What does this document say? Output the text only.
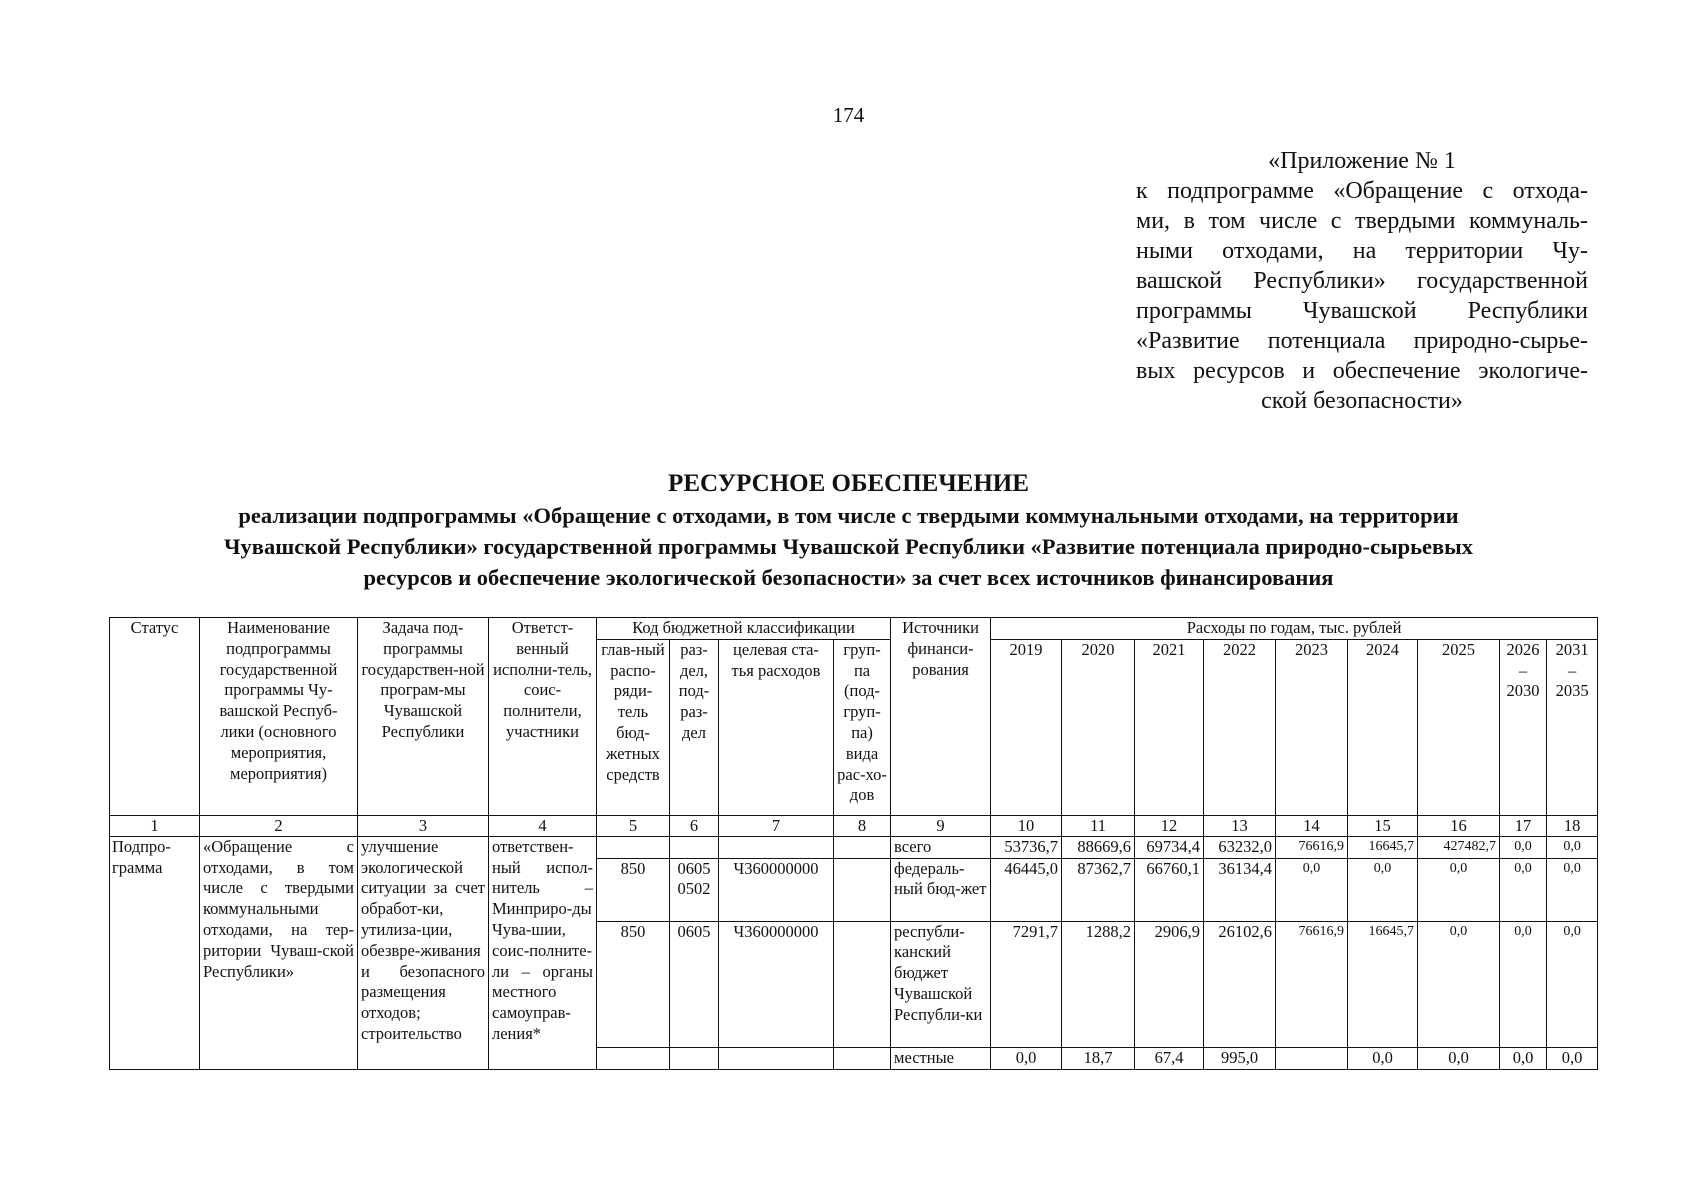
174
«Приложение № 1
к подпрограмме «Обращение с отхода-
ми, в том числе с твердыми коммуналь-
ными отходами, на территории Чу-
вашской Республики» государственной
программы Чувашской Республики
«Развитие потенциала природно-сырье-
вых ресурсов и обеспечение экологиче-
ской безопасности»
РЕСУРСНОЕ ОБЕСПЕЧЕНИЕ
реализации подпрограммы «Обращение с отходами, в том числе с твердыми коммунальными отходами, на территории
Чувашской Республики» государственной программы Чувашской Республики «Развитие потенциала природно-сырьевых
ресурсов и обеспечение экологической безопасности» за счет всех источников финансирования
Статус	Наименование подпрограммы государственной программы Чу-вашской Респуб-лики (основного мероприятия, мероприятия)	Задача под-программы государствен-ной програм-мы Чувашской Республики	Ответст-венный исполни-тель, соис-полнители, участники	Код бюджетной классификации				Источники финанси-рования	Расходы по годам, тыс. рублей								
				глав-ный распо-ряди-тель бюд-жетных средств	раз-дел, под-раз-дел	целевая ста-тья расходов	груп-па (под-груп-па) вида рас-хо-дов		2019	2020	2021	2022	2023	2024	2025	2026 – 2030	2031 – 2035
1	2	3	4	5	6	7	8	9	10	11	12	13	14	15	16	17	18
Подпро-грамма	«Обращение с отходами, в том числе с твердыми коммунальными отходами, на тер-ритории Чуваш-ской Республики»	улучшение экологической ситуации за счет обработ-ки, утилиза-ции, обезвре-живания и безопасного размещения отходов; строительство	ответствен-ный испол-нитель – Минприро-ды Чува-шии, соис-полните-ли – органы местного самоуправ-ления*					всего	53736,7	88669,6	69734,4	63232,0	76616,9	16645,7	427482,7	0,0	0,0
				850	0605 0502	Ч360000000		федераль-ный бюд-жет	46445,0	87362,7	66760,1	36134,4	0,0	0,0	0,0	0,0	0,0
				850	0605	Ч360000000		республи-канский бюджет Чувашской Республи-ки	7291,7	1288,2	2906,9	26102,6	76616,9	16645,7	0,0	0,0	0,0
								местные	0,0	18,7	67,4	995,0		0,0	0,0	0,0	0,0
